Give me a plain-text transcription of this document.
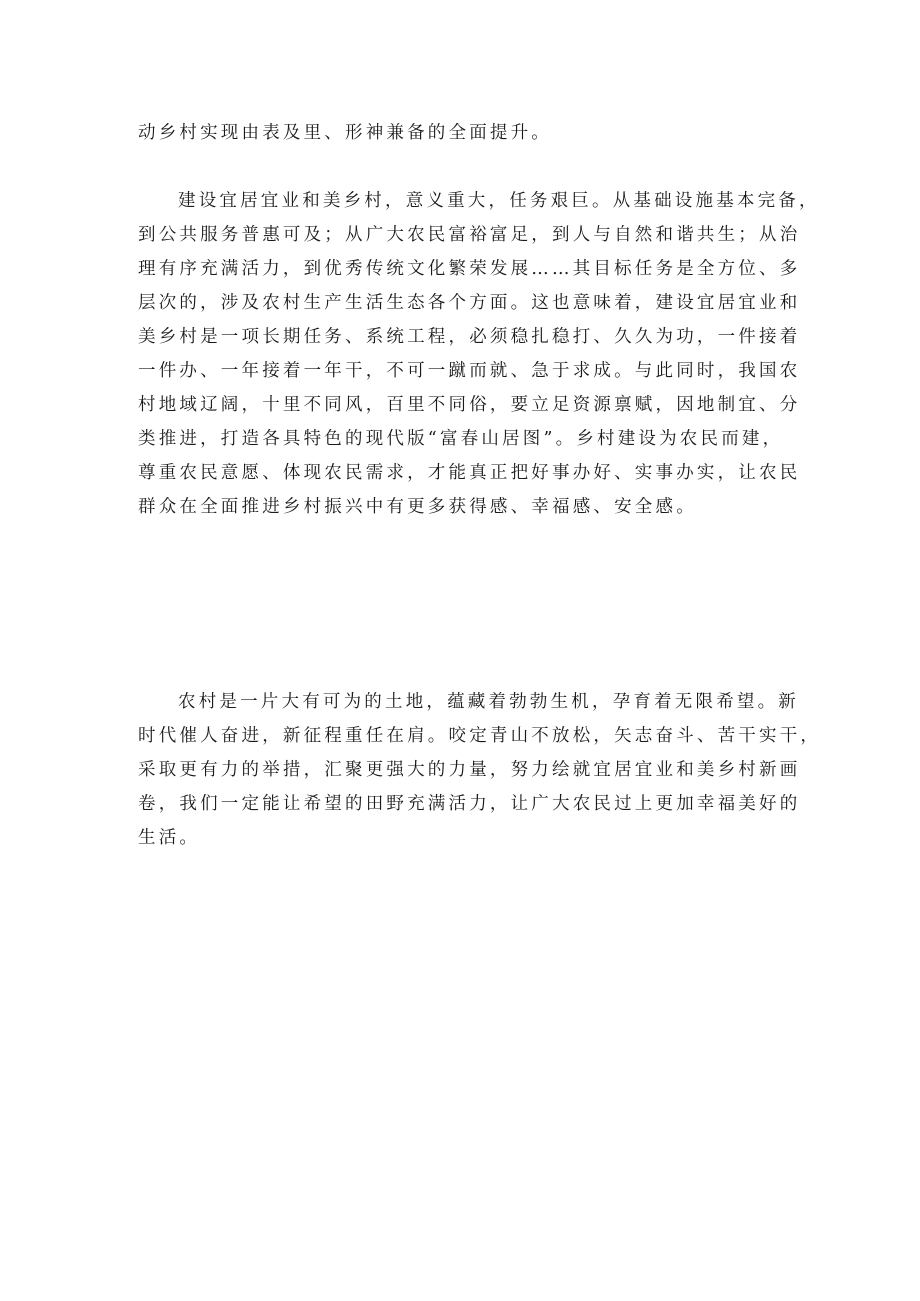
动乡村实现由表及里、形神兼备的全面提升。
建设宜居宜业和美乡村，意义重大，任务艰巨。从基础设施基本完备，
到公共服务普惠可及；从广大农民富裕富足，到人与自然和谐共生；从治
理有序充满活力，到优秀传统文化繁荣发展……其目标任务是全方位、多
层次的，涉及农村生产生活生态各个方面。这也意味着，建设宜居宜业和
美乡村是一项长期任务、系统工程，必须稳扎稳打、久久为功，一件接着
一件办、一年接着一年干，不可一蹴而就、急于求成。与此同时，我国农
村地域辽阔，十里不同风，百里不同俗，要立足资源禀赋，因地制宜、分
类推进，打造各具特色的现代版“富春山居图”。乡村建设为农民而建，
尊重农民意愿、体现农民需求，才能真正把好事办好、实事办实，让农民
群众在全面推进乡村振兴中有更多获得感、幸福感、安全感。
农村是一片大有可为的土地，蕴藏着勃勃生机，孕育着无限希望。新
时代催人奋进，新征程重任在肩。咬定青山不放松，矢志奋斗、苦干实干，
采取更有力的举措，汇聚更强大的力量，努力绘就宜居宜业和美乡村新画
卷，我们一定能让希望的田野充满活力，让广大农民过上更加幸福美好的
生活。
